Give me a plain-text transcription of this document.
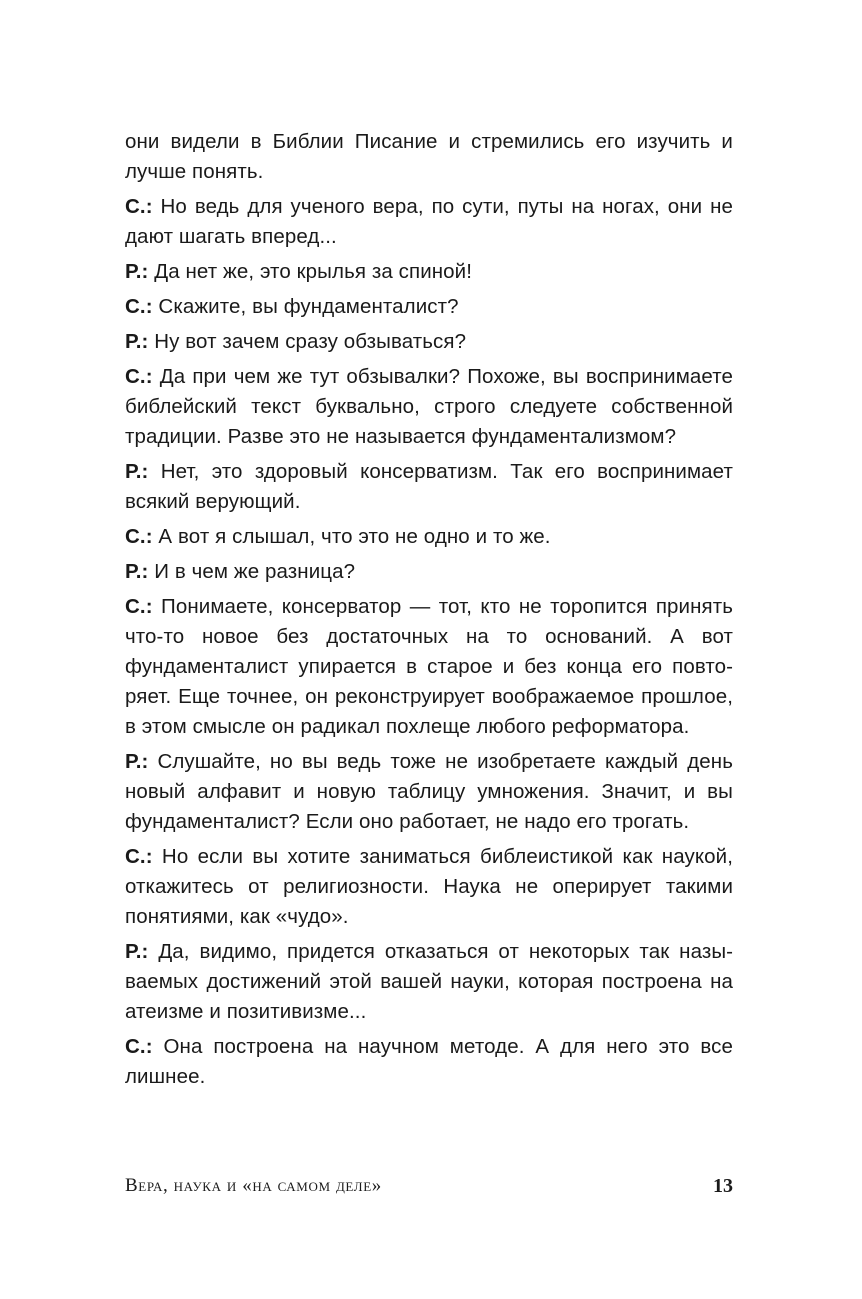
они видели в Библии Писание и стремились его изучить и лучше понять.

С.: Но ведь для ученого вера, по сути, путы на ногах, они не дают шагать вперед...

Р.: Да нет же, это крылья за спиной!

С.: Скажите, вы фундаменталист?

Р.: Ну вот зачем сразу обзываться?

С.: Да при чем же тут обзывалки? Похоже, вы воспринимаете библейский текст буквально, строго следуете собственной традиции. Разве это не называется фундаментализмом?

Р.: Нет, это здоровый консерватизм. Так его воспринимает всякий верующий.

С.: А вот я слышал, что это не одно и то же.

Р.: И в чем же разница?

С.: Понимаете, консерватор — тот, кто не торопится принять что-то новое без достаточных на то оснований. А вот фундаменталист упирается в старое и без конца его повторяет. Еще точнее, он реконструирует воображаемое прошлое, в этом смысле он радикал похлеще любого реформатора.

Р.: Слушайте, но вы ведь тоже не изобретаете каждый день новый алфавит и новую таблицу умножения. Значит, и вы фундаменталист? Если оно работает, не надо его трогать.

С.: Но если вы хотите заниматься библеистикой как наукой, откажитесь от религиозности. Наука не оперирует такими понятиями, как «чудо».

Р.: Да, видимо, придется отказаться от некоторых так называемых достижений этой вашей науки, которая построена на атеизме и позитивизме...

С.: Она построена на научном методе. А для него это все лишнее.

Вера, наука и «на самом деле»	13
